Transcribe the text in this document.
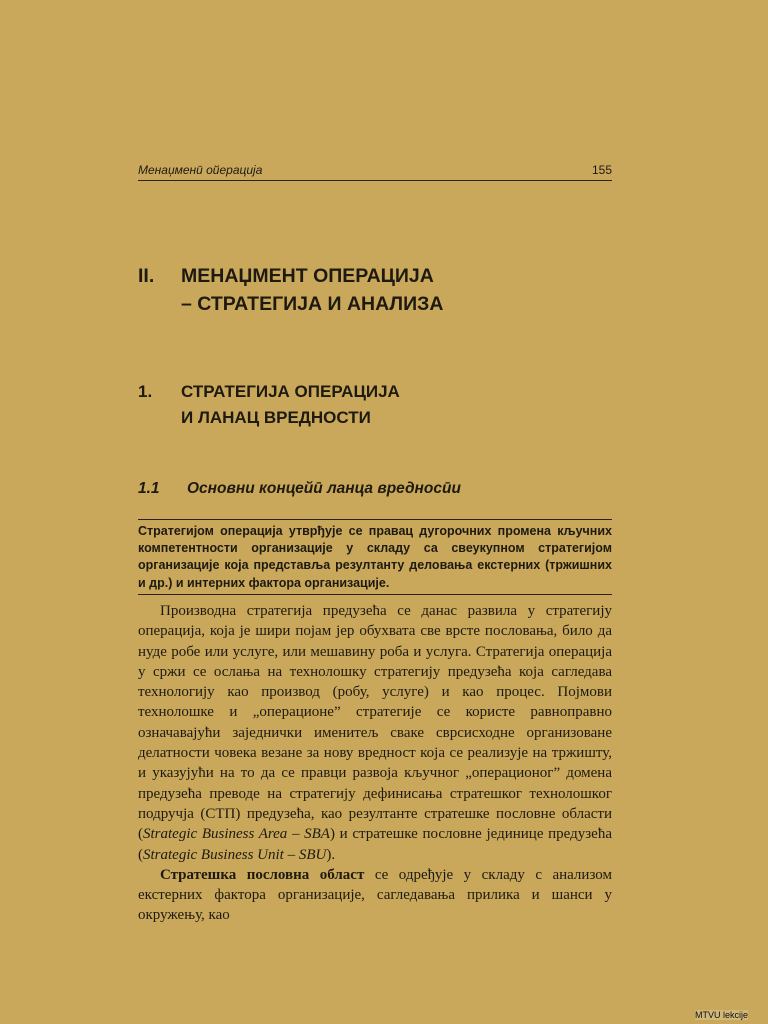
Менаџменӣ ойерација	155
II.	МЕНАЏМЕНТ ОПЕРАЦИЈА
– СТРАТЕГИЈА И АНАЛИЗА
1.	СТРАТЕГИЈА ОПЕРАЦИЈА
И ЛАНАЦ ВРЕДНОСТИ
1.1	Основни концейӣ ланца вредносӣи
Стратегијом операција утврђује се правац дугорочних промена кључних компетентности организације у складу са свеукупном стратегијом организације која представља резултанту деловања екстерних (тржишних и др.) и интерних фактора организације.

Производна стратегија предузећа се данас развила у стратегију операција, која је шири појам јер обухвата све врсте пословања, било да нуде робе или услуге, или мешавину роба и услуга. Стратегија операција у сржи се ослања на технолошку стратегију предузећа која сагледава технологију као производ (робу, услуге) и као процес. Појмови технолошке и „операционе” стратегије се користе равноправно означавајући заједнички именитељ сваке сврсисходне организоване делатности човека везане за нову вредност која се реализује на тржишту, и указујући на то да се правци развоја кључног „операционог” домена предузећа преводе на стратегију дефинисања стратешког технолошког подручја (СТП) предузећа, као резултанте стратешке пословне области (Strategic Business Area – SBA) и стратешке пословне јединице предузећа (Strategic Business Unit – SBU).

Стратешка пословна област се одређује у складу с анализом екстерних фактора организације, сагледавања прилика и шанси у окружењу, као

MTVU lekcije
